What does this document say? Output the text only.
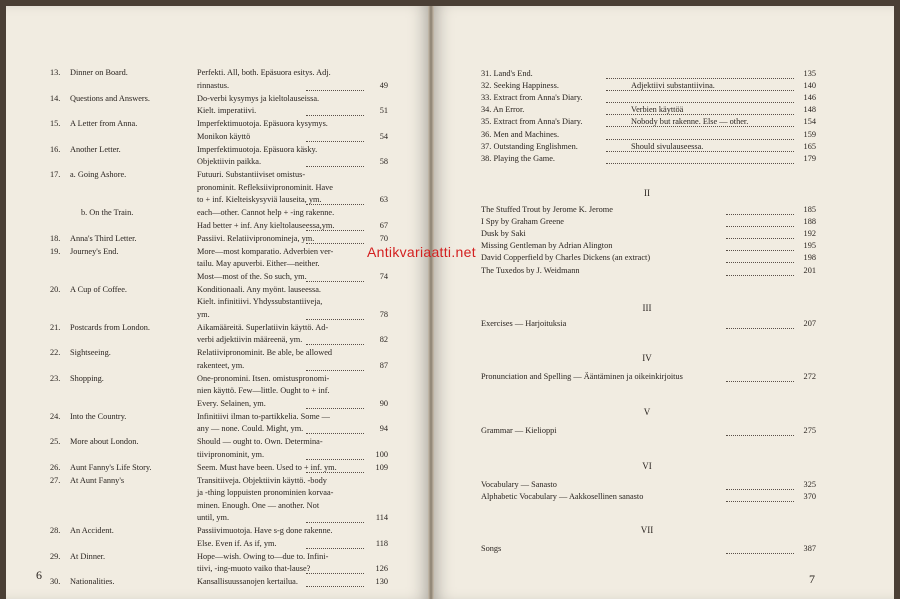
13. Dinner on Board.	Perfekti. All, both. Epäsuora esitys. Adj.
rinnastus.	49
14. Questions and Answers.	Do-verbi kysymys ja kieltolauseissa.
Kielt. imperatiivi.	51
15. A Letter from Anna.	Imperfektimuotoja. Epäsuora kysymys.
Monikon käyttö	54
16. Another Letter.	Imperfektimuotoja. Epäsuora käsky.
Objektiivin paikka.	58
17. a. Going Ashore.	Futuuri. Substantiiviset omistus-
pronominit. Refleksiivipronominit. Have
to + inf. Kielteiskysyviä lauseita, ym.	63
b. On the Train.	each—other. Cannot help + -ing rakenne.
Had better + inf. Any kieltolauseessa,ym.	67
18. Anna's Third Letter.	Passiivi. Relatiivipronomineja, ym.	70
19. Journey's End.	More—most komparatio. Adverbien ver-
tailu. May apuverbi. Either—neither.
Most—most of the. So such, ym.	74
20. A Cup of Coffee.	Konditionaali. Any myönt. lauseessa.
Kielt. infinitiivi. Yhdyssubstantiiveja,
ym.	78
21. Postcards from London.	Aikamääreitä. Superlatiivin käyttö. Ad-
verbi adjektiivin määreenä, ym.	82
22. Sightseeing.	Relatiivipronominit. Be able, be allowed
rakenteet, ym.	87
23. Shopping.	One-pronomini. Itsen. omistuspronomi-
nien käyttö. Few—little. Ought to + inf.
Every. Selainen, ym.	90
24. Into the Country.	Infinitiivi ilman to-partikkelia. Some —
any — none. Could. Might, ym.	94
25. More about London.	Should — ought to. Own. Determina-
tiivipronominit, ym.	100
26. Aunt Fanny's Life Story.	Seem. Must have been. Used to + inf. ym.	109
27. At Aunt Fanny's	Transitiiveja. Objektiivin käyttö. -body
ja -thing loppuisten pronominien korvaa-
minen. Enough. One — another. Not
until, ym.	114
28. An Accident.	Passiivimuotoja. Have s-g done rakenne.
Else. Even if. As if, ym.	118
29. At Dinner.	Hope—wish. Owing to—due to. Infini-
tiivi, -ing-muoto vaiko that-lause?	126
30. Nationalities.	Kansallisuussanojen kertailua.	130
6
31. Land's End.	135
32. Seeking Happiness.	Adjektiivi substantiivina.	140
33. Extract from Anna's Diary.	146
34. An Error.	Verbien käyttöä	148
35. Extract from Anna's Diary.	Nobody but rakenne. Else — other.	154
36. Men and Machines.	159
37. Outstanding Englishmen.	Should sivulauseessa.	165
38. Playing the Game.	179
II
The Stuffed Trout by Jerome K. Jerome	185
I Spy by Graham Greene	188
Dusk by Saki	192
Missing Gentleman by Adrian Alington	195
David Copperfield by Charles Dickens (an extract)	198
The Tuxedos by J. Weidmann	201
III
Exercises — Harjoituksia	207
IV
Pronunciation and Spelling — Ääntäminen ja oikeinkirjoitus	272
V
Grammar — Kielioppi	275
VI
Vocabulary — Sanasto	325
Alphabetic Vocabulary — Aakkosellinen sanasto	370
VII
Songs	387
7
Antikvariaatti.net
